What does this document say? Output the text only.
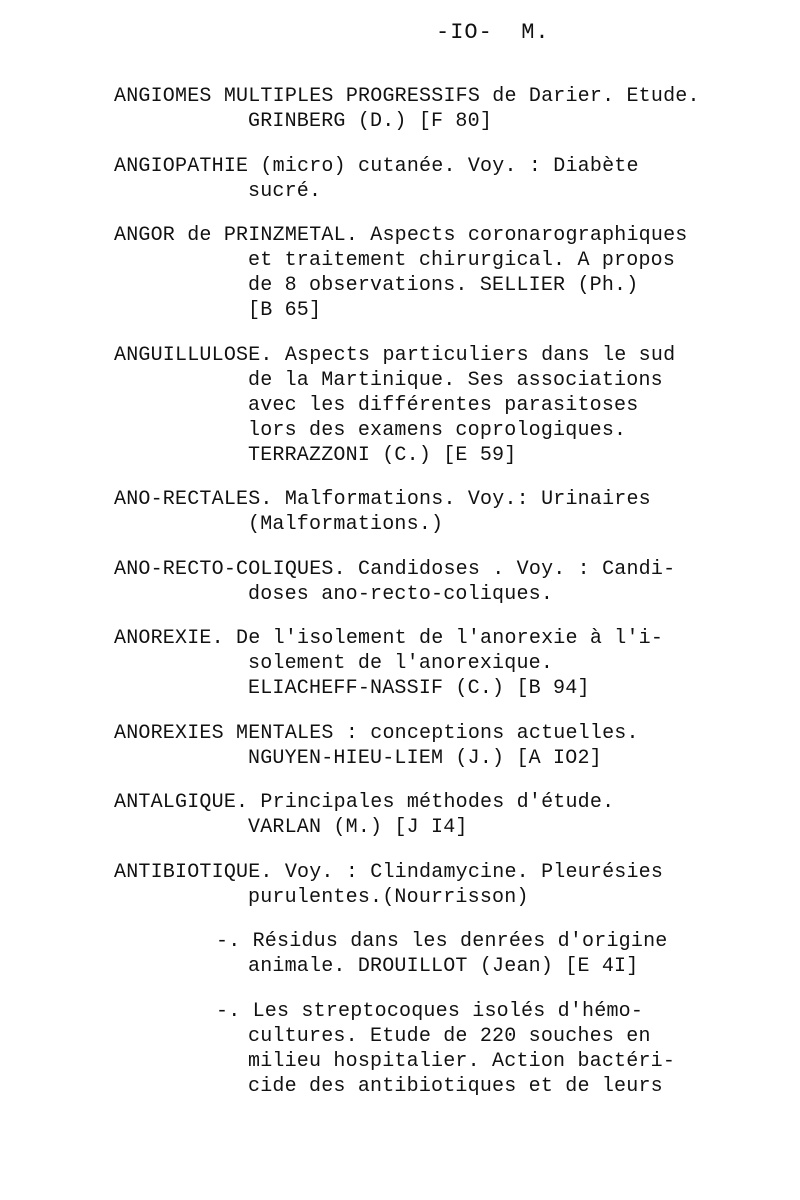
-IO-  M.
ANGIOMES MULTIPLES PROGRESSIFS de Darier. Etude.
GRINBERG (D.) [F 80]
ANGIOPATHIE (micro) cutanée. Voy. : Diabète
sucré.
ANGOR de PRINZMETAL. Aspects coronarographiques
et traitement chirurgical. A propos
de 8 observations. SELLIER (Ph.)
[B 65]
ANGUILLULOSE. Aspects particuliers dans le sud
de la Martinique. Ses associations
avec les différentes parasitoses
lors des examens coprologiques.
TERRAZZONI (C.) [E 59]
ANO-RECTALES. Malformations. Voy.: Urinaires
(Malformations.)
ANO-RECTO-COLIQUES. Candidoses . Voy. : Candi-
doses ano-recto-coliques.
ANOREXIE. De l'isolement de l'anorexie à l'i-
solement de l'anorexique.
ELIACHEFF-NASSIF (C.) [B 94]
ANOREXIES MENTALES : conceptions actuelles.
NGUYEN-HIEU-LIEM (J.) [A IO2]
ANTALGIQUE. Principales méthodes d'étude.
VARLAN (M.) [J I4]
ANTIBIOTIQUE. Voy. : Clindamycine. Pleurésies
purulentes.(Nourrisson)
-. Résidus dans les denrées d'origine
animale. DROUILLOT (Jean) [E 4I]
-. Les streptocoques isolés d'hémo-
cultures. Etude de 220 souches en
milieu hospitalier. Action bactéri-
cide des antibiotiques et de leurs
